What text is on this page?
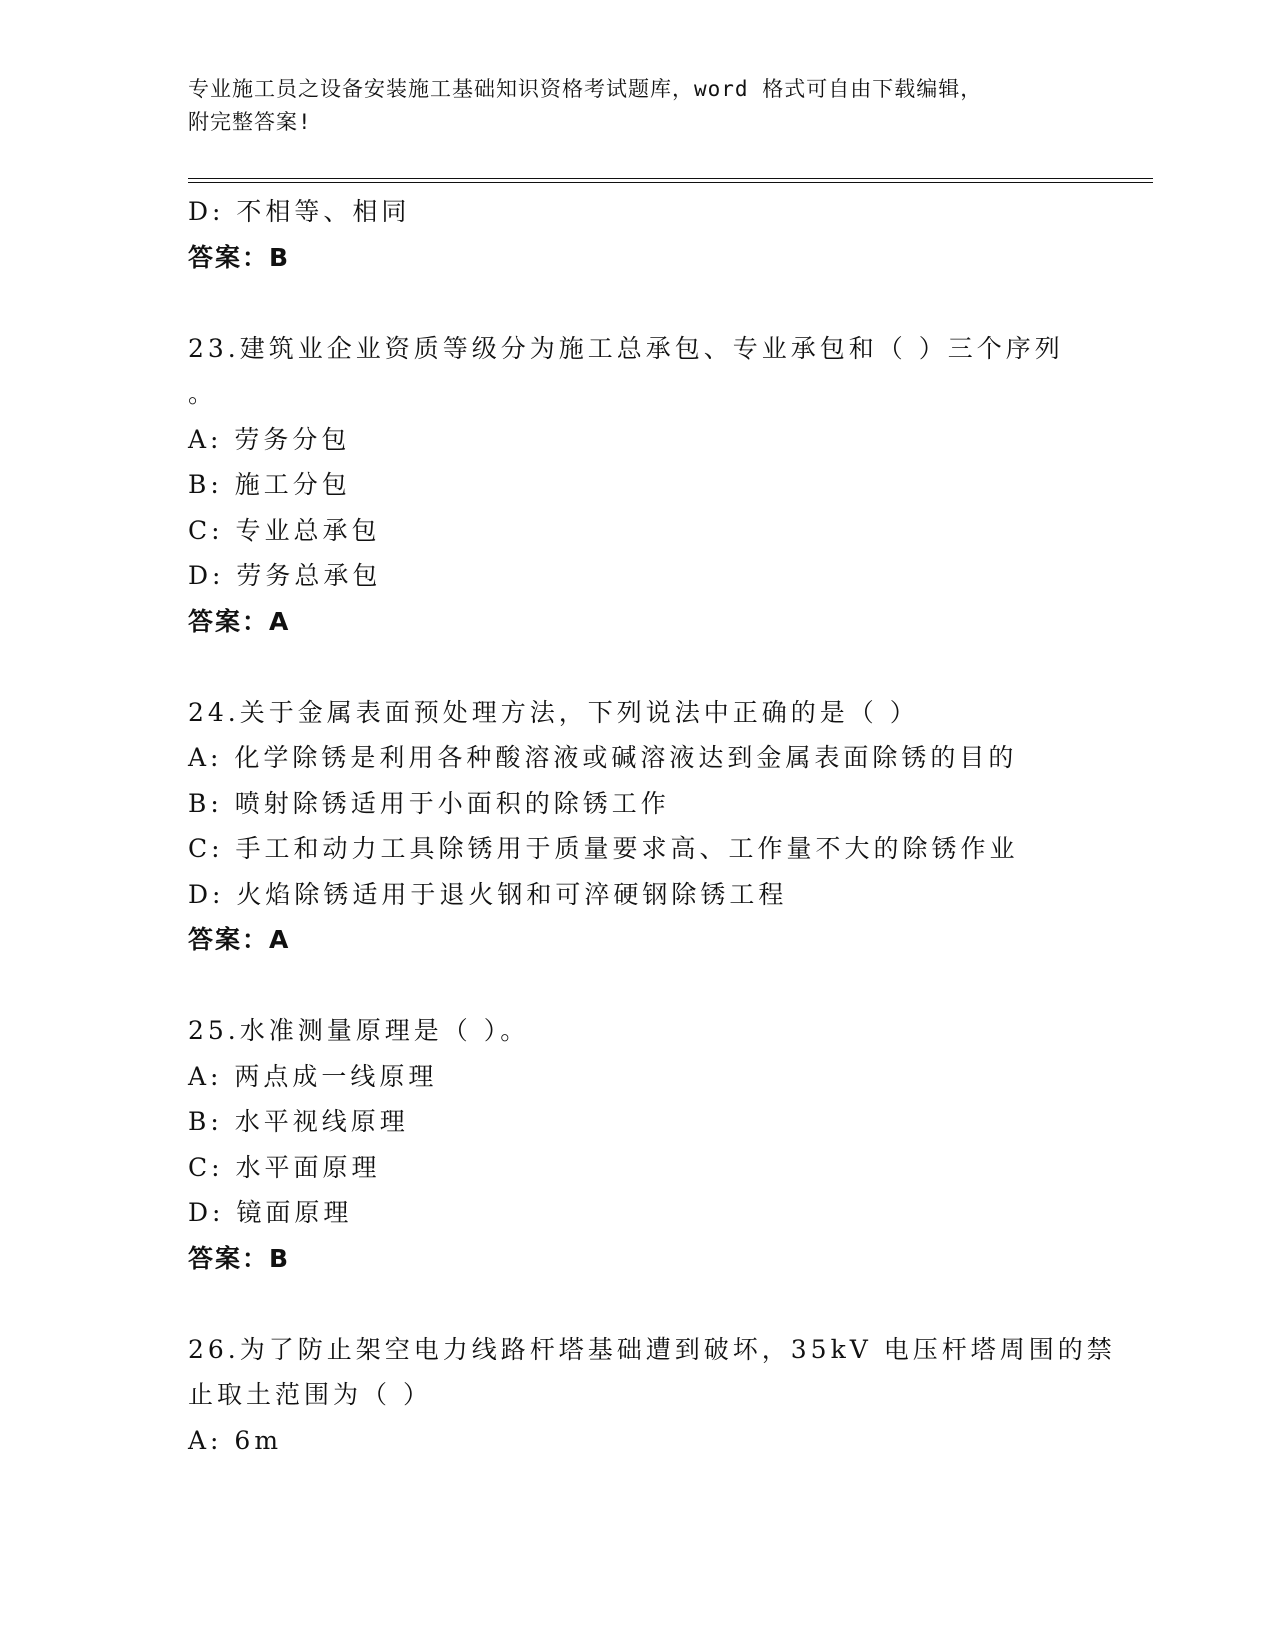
专业施工员之设备安装施工基础知识资格考试题库，word 格式可自由下载编辑，
附完整答案!
D: 不相等、相同
答案：B
23.建筑业企业资质等级分为施工总承包、专业承包和（ ）三个序列
。
A: 劳务分包
B: 施工分包
C: 专业总承包
D: 劳务总承包
答案：A
24.关于金属表面预处理方法，下列说法中正确的是（ ）
A: 化学除锈是利用各种酸溶液或碱溶液达到金属表面除锈的目的
B: 喷射除锈适用于小面积的除锈工作
C: 手工和动力工具除锈用于质量要求高、工作量不大的除锈作业
D: 火焰除锈适用于退火钢和可淬硬钢除锈工程
答案：A
25.水准测量原理是（ ）。
A: 两点成一线原理
B: 水平视线原理
C: 水平面原理
D: 镜面原理
答案：B
26.为了防止架空电力线路杆塔基础遭到破坏，35kV 电压杆塔周围的禁
止取土范围为（ ）
A: 6m
